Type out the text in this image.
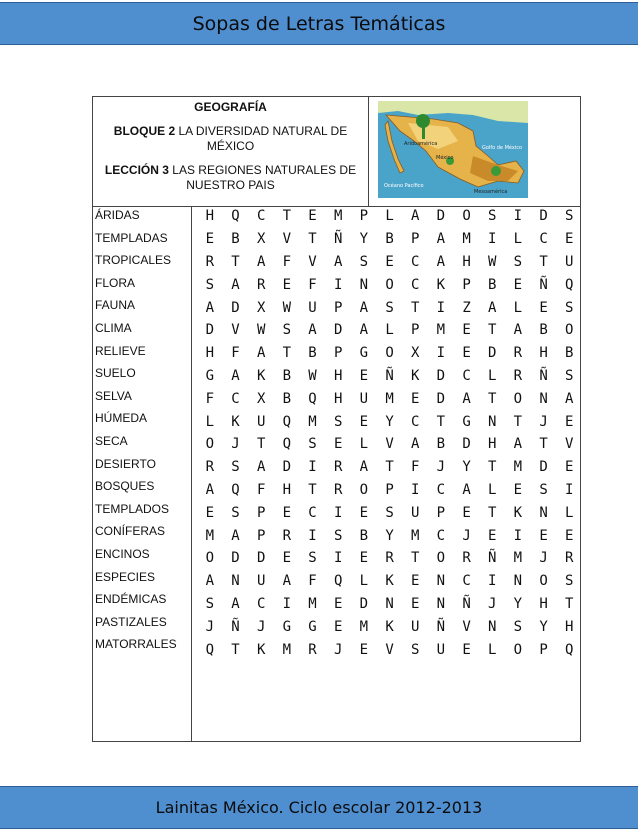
Sopas de Letras Temáticas
GEOGRAFÍA
BLOQUE 2 LA DIVERSIDAD NATURAL DE MÉXICO
LECCIÓN 3 LAS REGIONES NATURALES DE NUESTRO PAIS
Aridoamérica
México
Golfo de México
Océano Pacífico
Mesoamérica
ÁRIDAS
TEMPLADAS
TROPICALES
FLORA
FAUNA
CLIMA
RELIEVE
SUELO
SELVA
HÚMEDA
SECA
DESIERTO
BOSQUES
TEMPLADOS
CONÍFERAS
ENCINOS
ESPECIES
ENDÉMICAS
PASTIZALES
MATORRALES
H	Q	C	T	E	M	P	L	A	D	O	S	I	D	S
E	B	X	V	T	Ñ	Y	B	P	A	M	I	L	C	E
R	T	A	F	V	A	S	E	C	A	H	W	S	T	U
S	A	R	E	F	I	N	O	C	K	P	B	E	Ñ	Q
A	D	X	W	U	P	A	S	T	I	Z	A	L	E	S
D	V	W	S	A	D	A	L	P	M	E	T	A	B	O
H	F	A	T	B	P	G	O	X	I	E	D	R	H	B
G	A	K	B	W	H	E	Ñ	K	D	C	L	R	Ñ	S
F	C	X	B	Q	H	U	M	E	D	A	T	O	N	A
L	K	U	Q	M	S	E	Y	C	T	G	N	T	J	E
O	J	T	Q	S	E	L	V	A	B	D	H	A	T	V
R	S	A	D	I	R	A	T	F	J	Y	T	M	D	E
A	Q	F	H	T	R	O	P	I	C	A	L	E	S	I
E	S	P	E	C	I	E	S	U	P	E	T	K	N	L
M	A	P	R	I	S	B	Y	M	C	J	E	I	E	E
O	D	D	E	S	I	E	R	T	O	R	Ñ	M	J	R
A	N	U	A	F	Q	L	K	E	N	C	I	N	O	S
S	A	C	I	M	E	D	N	E	N	Ñ	J	Y	H	T
J	Ñ	J	G	G	E	M	K	U	Ñ	V	N	S	Y	H
Q	T	K	M	R	J	E	V	S	U	E	L	O	P	Q
Lainitas México. Ciclo escolar 2012-2013
